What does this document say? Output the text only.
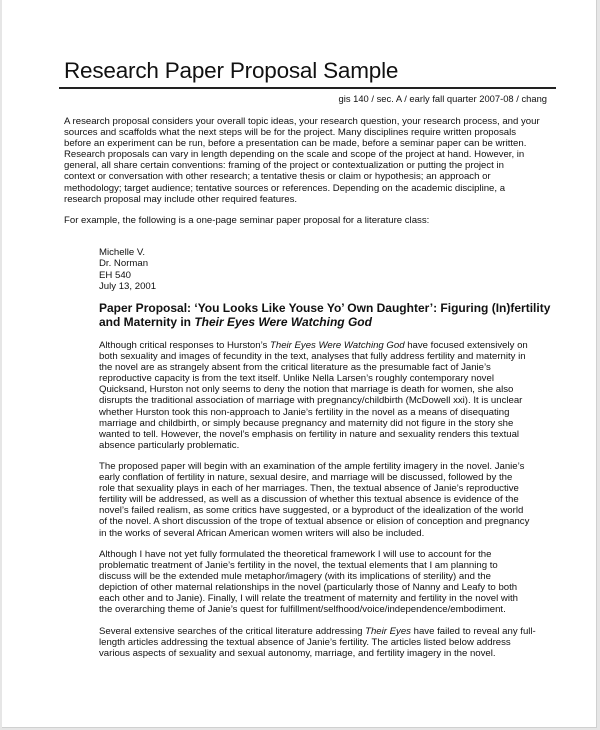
Research Paper Proposal Sample
gis 140 / sec. A / early fall quarter 2007-08 / chang
A research proposal considers your overall topic ideas, your research question, your research process, and your
sources and scaffolds what the next steps will be for the project. Many disciplines require written proposals
before an experiment can be run, before a presentation can be made, before a seminar paper can be written.
Research proposals can vary in length depending on the scale and scope of the project at hand. However, in
general, all share certain conventions: framing of the project or contextualization or putting the project in
context or conversation with other research; a tentative thesis or claim or hypothesis; an approach or
methodology; target audience; tentative sources or references. Depending on the academic discipline, a
research proposal may include other required features.
For example, the following is a one-page seminar paper proposal for a literature class:
Michelle V.
Dr. Norman
EH 540
July 13, 2001
Paper Proposal: ‘You Looks Like Youse Yo’ Own Daughter’: Figuring (In)fertility
and Maternity in Their Eyes Were Watching God
Although critical responses to Hurston’s Their Eyes Were Watching God have focused extensively on
both sexuality and images of fecundity in the text, analyses that fully address fertility and maternity in
the novel are as strangely absent from the critical literature as the presumable fact of Janie’s
reproductive capacity is from the text itself. Unlike Nella Larsen’s roughly contemporary novel
Quicksand, Hurston not only seems to deny the notion that marriage is death for women, she also
disrupts the traditional association of marriage with pregnancy/childbirth (McDowell xxi). It is unclear
whether Hurston took this non-approach to Janie’s fertility in the novel as a means of disequating
marriage and childbirth, or simply because pregnancy and maternity did not figure in the story she
wanted to tell. However, the novel’s emphasis on fertility in nature and sexuality renders this textual
absence particularly problematic.
The proposed paper will begin with an examination of the ample fertility imagery in the novel. Janie’s
early conflation of fertility in nature, sexual desire, and marriage will be discussed, followed by the
role that sexuality plays in each of her marriages. Then, the textual absence of Janie’s reproductive
fertility will be addressed, as well as a discussion of whether this textual absence is evidence of the
novel’s failed realism, as some critics have suggested, or a byproduct of the idealization of the world
of the novel. A short discussion of the trope of textual absence or elision of conception and pregnancy
in the works of several African American women writers will also be included.
Although I have not yet fully formulated the theoretical framework I will use to account for the
problematic treatment of Janie’s fertility in the novel, the textual elements that I am planning to
discuss will be the extended mule metaphor/imagery (with its implications of sterility) and the
depiction of other maternal relationships in the novel (particularly those of Nanny and Leafy to both
each other and to Janie). Finally, I will relate the treatment of maternity and fertility in the novel with
the overarching theme of Janie’s quest for fulfillment/selfhood/voice/independence/embodiment.
Several extensive searches of the critical literature addressing Their Eyes have failed to reveal any full-
length articles addressing the textual absence of Janie’s fertility. The articles listed below address
various aspects of sexuality and sexual autonomy, marriage, and fertility imagery in the novel.
